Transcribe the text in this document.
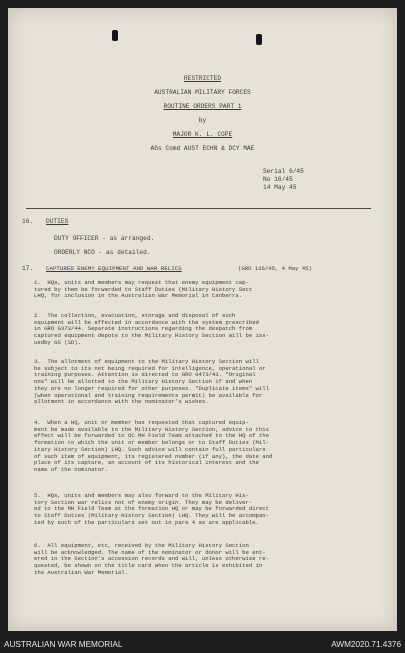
RESTRICTED

AUSTRALIAN MILITARY FORCES

ROUTINE ORDERS PART 1

by

MAJOR K. L. COPE

AGs Comd AUST ECHN & DCY MAE

Serial 6/45

No 16/45

14 May 45

16. DUTIES

DUTY OFFICER - as arranged.

ORDERLY NCO - as detailed.

17. CAPTURED ENEMY EQUIPMENT AND WAR RELICS	(GRO 136/45, 4 May 45)

1.  HQs, units and members may request that enemy equipment cap-
tured by them be forwarded to Staff Duties (Military History Sect
LHQ, for inclusion in the Australian War Memorial in Canberra.

2.  The collection, evacuation, storage and disposal of such
equipment will be effected in accordance with the system prescribed
in GRO G373/44. Separate instructions regarding the despatch from
captured equipment depots to the Military History Section will be iss-
uedby GS (SD).

3.  The allotment of equipment to the Military History Section will
be subject to its not being required for intelligence, operational or
training purposes. Attention is directed to GRO G473/43. "Original
ons" will be allotted to the Military History Section if and when
they are no longer required for other purposes. "Duplicate items" will
(when operational and training requirements permit) be available for
allotment in accordance with the nominator's wishes.

4.  When a HQ, unit or member has requested that captured equip-
ment be made available to the Military History Section, advice to this
effect will be forwarded to OC MH Field Team attached to the HQ of the
formation to which the unit or member belongs or to Staff Duties (Mil-
itary History Section) LHQ. Such advice will contain full particulars
of such item of equipment, its registered number (if any), the date and
place of its capture, an account of its historical interest and the
name of the nominator.

5.  HQs, units and members may also forward to the Military His-
tory Section war relics not of enemy origin. They may be deliver-
ed to the MH Field Team at the formation HQ or may be forwarded direct
to Staff Duties (Military History Section) LHQ. They will be accompan-
ied by such of the particulars set out in para 4 as are applicable.

6.  All equipment, etc, received by the Military History Section
will be acknowledged. The name of the nominator or donor will be ent-
ered in the Section's accession records and will, unless otherwise re-
quested, be shown on the title card when the article is exhibited in
the Australian War Memorial.

AUSTRALIAN WAR MEMORIAL	AWM2020.71.4376
